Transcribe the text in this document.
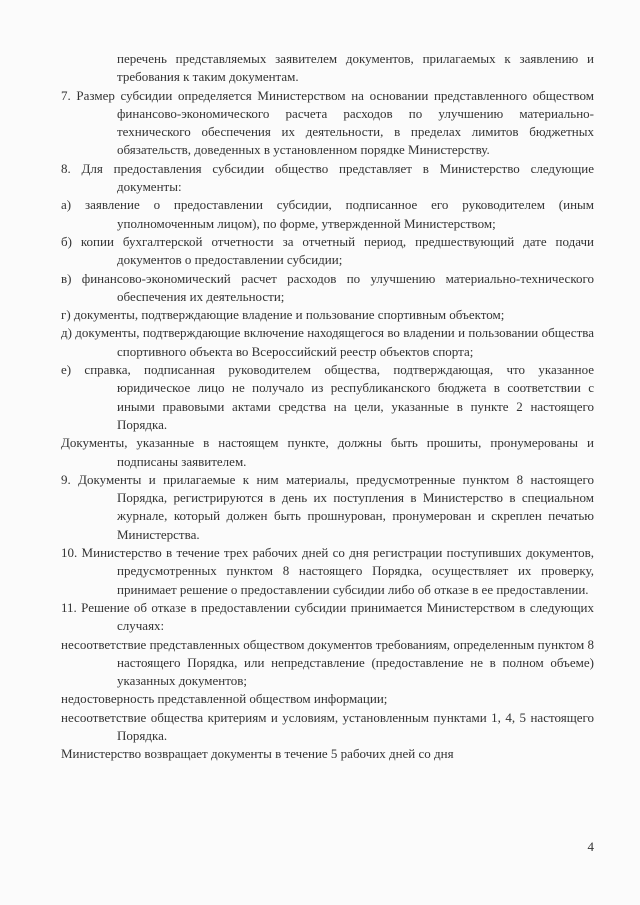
перечень представляемых заявителем документов, прилагаемых к заявлению и требования к таким документам.

7. Размер субсидии определяется Министерством на основании представленного обществом финансово-экономического расчета расходов по улучшению материально-технического обеспечения их деятельности, в пределах лимитов бюджетных обязательств, доведенных в установленном порядке Министерству.

8. Для предоставления субсидии общество представляет в Министерство следующие документы:

а) заявление о предоставлении субсидии, подписанное его руководителем (иным уполномоченным лицом), по форме, утвержденной Министерством;

б) копии бухгалтерской отчетности за отчетный период, предшествующий дате подачи документов о предоставлении субсидии;

в) финансово-экономический расчет расходов по улучшению материально-технического обеспечения их деятельности;

г) документы, подтверждающие владение и пользование спортивным объектом;

д) документы, подтверждающие включение находящегося во владении и пользовании общества спортивного объекта во Всероссийский реестр объектов спорта;

е) справка, подписанная руководителем общества, подтверждающая, что указанное юридическое лицо не получало из республиканского бюджета в соответствии с иными правовыми актами средства на цели, указанные в пункте 2 настоящего Порядка.

Документы, указанные в настоящем пункте, должны быть прошиты, пронумерованы и подписаны заявителем.

9. Документы и прилагаемые к ним материалы, предусмотренные пунктом 8 настоящего Порядка, регистрируются в день их поступления в Министерство в специальном журнале, который должен быть прошнурован, пронумерован и скреплен печатью Министерства.

10. Министерство в течение трех рабочих дней со дня регистрации поступивших документов, предусмотренных пунктом 8 настоящего Порядка, осуществляет их проверку, принимает решение о предоставлении субсидии либо об отказе в ее предоставлении.

11. Решение об отказе в предоставлении субсидии принимается Министерством в следующих случаях:

несоответствие представленных обществом документов требованиям, определенным пунктом 8 настоящего Порядка, или непредставление (предоставление не в полном объеме) указанных документов;

недостоверность представленной обществом информации;

несоответствие общества критериям и условиям, установленным пунктами 1, 4, 5 настоящего Порядка.

Министерство возвращает документы в течение 5 рабочих дней со дня

4
